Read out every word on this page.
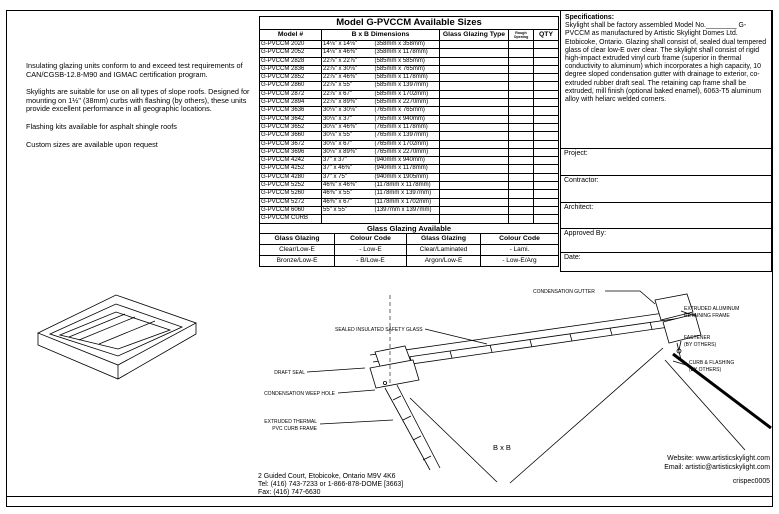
Insulating glazing units conform to and exceed test requirements of CAN/CGSB-12.8-M90 and IGMAC certification program.

Skylights are suitable for use on all types of slope roofs. Designed for mounting on 1½" (38mm) curbs with flashing (by others), these units provide excellent performance in all geographic locations.

Flashing kits available for asphalt shingle roofs

Custom sizes are available upon request

Model G-PVCCM Available Sizes					
Model #	B x B Dimensions		Glass Glazing Type	Rough Opening	QTY
G-PVCCM 2020	14⅛" x 14⅛"	(358mm x 358mm)			
G-PVCCM 2052	14⅛" x 46⅜"	(358mm x 1178mm)			
G-PVCCM 2828	22⅞" x 22⅞"	(585mm x 585mm)			
G-PVCCM 2836	22⅞" x 30⅛"	(585mm x 765mm)			
G-PVCCM 2852	22⅞" x 46⅜"	(585mm x 1178mm)			
G-PVCCM 2860	22⅞" x 55"	(585mm x 1397mm)			
G-PVCCM 2872	22⅞" x 67"	(585mm x 1702mm)			
G-PVCCM 2894	22⅞" x 89⅜"	(585mm x 2270mm)			
G-PVCCM 3636	30⅛" x 30⅛"	(765mm x 765mm)			
G-PVCCM 3642	30⅛" x 37"	(765mm x 940mm)			
G-PVCCM 3652	30⅛" x 46⅜"	(765mm x 1178mm)			
G-PVCCM 3660	30⅛" x 55"	(765mm x 1397mm)			
G-PVCCM 3672	30⅛" x 67"	(765mm x 1702mm)			
G-PVCCM 3696	30⅛" x 89⅜"	(765mm x 2270mm)			
G-PVCCM 4242	37" x 37"	(940mm x 940mm)			
G-PVCCM 4252	37" x 46⅜"	(940mm x 1178mm)			
G-PVCCM 4280	37" x 75"	(940mm x 1905mm)			
G-PVCCM 5252	46⅜" x 46⅜"	(1178mm x 1178mm)			
G-PVCCM 5260	46⅜" x 55"	(1178mm x 1397mm)			
G-PVCCM 5272	46⅜" x 67"	(1178mm x 1702mm)			
G-PVCCM 6060	55" x 55"	(1397mm x 1397mm)			
G-PVCCM CURB					
Glass Glazing Available			
Glass Glazing	Colour Code	Glass Glazing	Colour Code
Clear/Low-E	- Low-E	Clear/Laminated	- Lami.
Bronze/Low-E	- B/Low-E	Argon/Low-E	- Low-E/Arg
Specifications:
Skylight shall be factory assembled Model No.________ G-PVCCM as manufactured by Artistic Skylight Domes Ltd. Etobicoke, Ontario. Glazing shall consist of, sealed dual tempered glass of clear low-E over clear. The skylight shall consist of rigid high-impact extruded vinyl curb frame (superior in thermal conductivity to aluminum) which incorporates a high capacity, 10 degree sloped condensation gutter with drainage to exterior, co-extruded rubber draft seal. The retaining cap frame shall be extruded, mill finish (optional baked enamel), 6063-T5 aluminum alloy with heliarc welded corners.
Project:
Contractor:
Architect:
Approved By:
Date:
B x B
CONDENSATION GUTTER
SEALED INSULATED SAFETY GLASS
DRAFT SEAL
CONDENSATION WEEP HOLE
EXTRUDED THERMAL
PVC CURB FRAME
EXTRUDED ALUMINUM
RETAINING FRAME
FASTENER
(BY OTHERS)
CURB & FLASHING
(BY OTHERS)
2 Guided Court, Etobicoke, Ontario M9V 4K6
Tel: (416) 743-7233 or 1-866-878-DOME [3663]
Fax: (416) 747-6630
Website: www.artisticskylight.com
Email: artistic@artisticskylight.com
crispec0005
